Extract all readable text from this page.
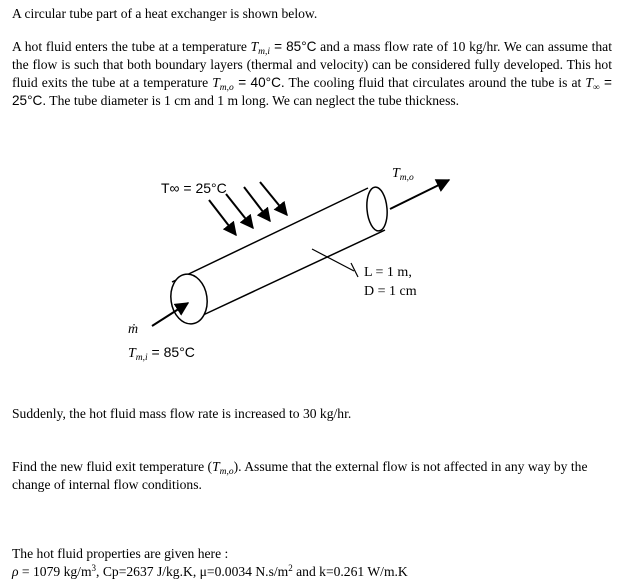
A circular tube part of a heat exchanger is shown below.
A hot fluid enters the tube at a temperature $T_{m,i} = 85^\circ C$ and a mass flow rate of 10 kg/hr. We can assume that the flow is such that both boundary layers (thermal and velocity) can be considered fully developed. This hot fluid exits the tube at a temperature $T_{m,o} = 40^\circ C$. The cooling fluid that circulates around the tube is at $T_\infty = 25^\circ C$. The tube diameter is 1 cm and 1 m long. We can neglect the tube thickness.
T∞ = 25°C
$T_{m,o}$
L = 1 m,
D = 1 cm
ṁ
$T_{m,i} = 85^\circ C$
Suddenly, the hot fluid mass flow rate is increased to 30 kg/hr.
Find the new fluid exit temperature $(T_{m,o})$. Assume that the external flow is not affected in any way by the change of internal flow conditions.
The hot fluid properties are given here :
ρ = 1079 $kg/m^3$, Cp=2637 J/kg.K, μ=0.0034 $N.s/m^2$ and k=0.261 W/m.K
